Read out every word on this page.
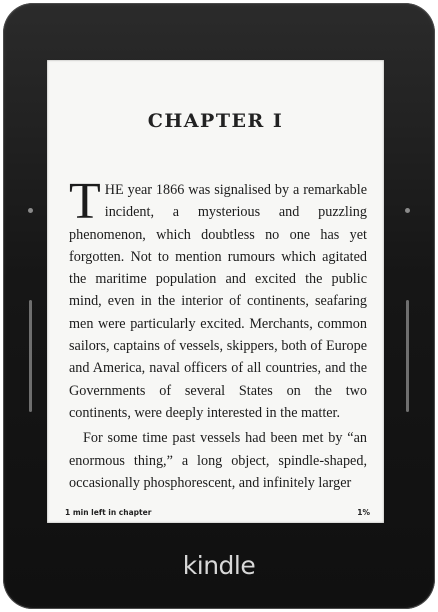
CHAPTER I

THE year 1866 was signalised by a remarkable incident, a mysterious and puzzling phenomenon, which doubtless no one has yet forgotten. Not to mention rumours which agitated the maritime population and excited the public mind, even in the interior of continents, seafaring men were particularly excited. Merchants, common sailors, captains of vessels, skippers, both of Europe and America, naval officers of all countries, and the Governments of several States on the two continents, were deeply interested in the matter.

For some time past vessels had been met by “an enormous thing,” a long object, spindle-shaped, occasionally phosphorescent, and infinitely larger

1 min left in chapter	1%
kindle
